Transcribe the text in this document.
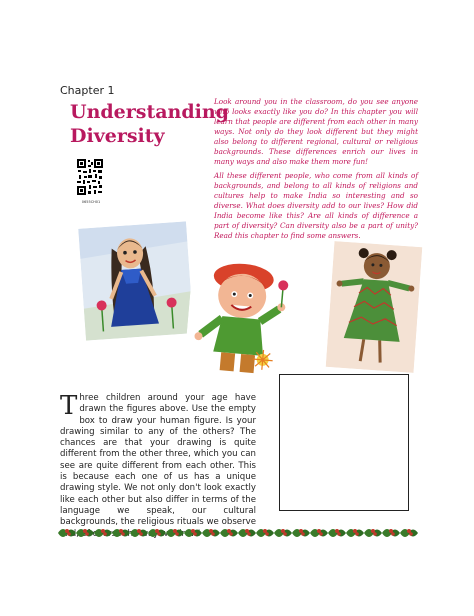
Chapter 1
Understanding
Diversity
0655CH01

Look around you in the classroom, do you see anyone who looks exactly like you do? In this chapter you will learn that people are different from each other in many ways. Not only do they look different but they might also belong to different regional, cultural or religious backgrounds. These differences enrich our lives in many ways and also make them more fun!

All these different people, who come from all kinds of backgrounds, and belong to all kinds of religions and cultures help to make India so interesting and so diverse. What does diversity add to our lives? How did India become like this? Are all kinds of difference a part of diversity? Can diversity also be a part of unity? Read this chapter to find some answers.

Three children around your age have drawn the figures above. Use the empty box to draw your human figure. Is your drawing similar to any of the others? The chances are that your drawing is quite different from the other three, which you can see are quite different from each other. This is because each one of us has a unique drawing style. We not only don't look exactly like each other but also differ in terms of the language we speak, our cultural backgrounds, the religious rituals we observe
